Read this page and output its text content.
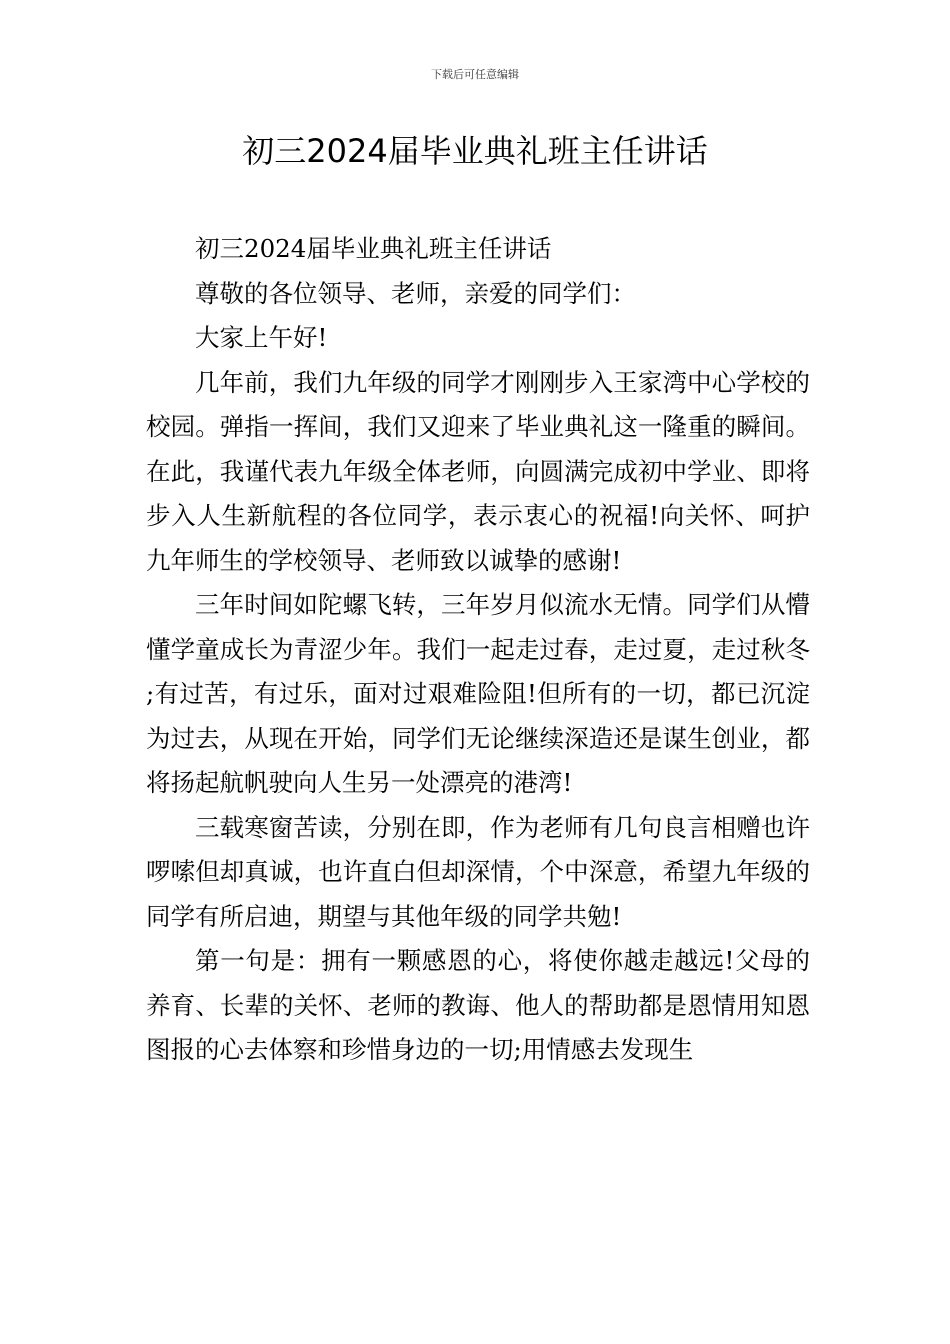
下载后可任意编辑
初三2024届毕业典礼班主任讲话

初三2024届毕业典礼班主任讲话

尊敬的各位领导、老师，亲爱的同学们：

大家上午好!

几年前，我们九年级的同学才刚刚步入王家湾中心学校的校园。弹指一挥间，我们又迎来了毕业典礼这一隆重的瞬间。在此，我谨代表九年级全体老师，向圆满完成初中学业、即将步入人生新航程的各位同学，表示衷心的祝福!向关怀、呵护九年师生的学校领导、老师致以诚挚的感谢!

三年时间如陀螺飞转，三年岁月似流水无情。同学们从懵懂学童成长为青涩少年。我们一起走过春，走过夏，走过秋冬;有过苦，有过乐，面对过艰难险阻!但所有的一切，都已沉淀为过去，从现在开始，同学们无论继续深造还是谋生创业，都将扬起航帆驶向人生另一处漂亮的港湾!

三载寒窗苦读，分别在即，作为老师有几句良言相赠也许啰嗦但却真诚，也许直白但却深情，个中深意，希望九年级的同学有所启迪，期望与其他年级的同学共勉!

第一句是：拥有一颗感恩的心，将使你越走越远!父母的养育、长辈的关怀、老师的教诲、他人的帮助都是恩情用知恩图报的心去体察和珍惜身边的一切;用情感去发现生
